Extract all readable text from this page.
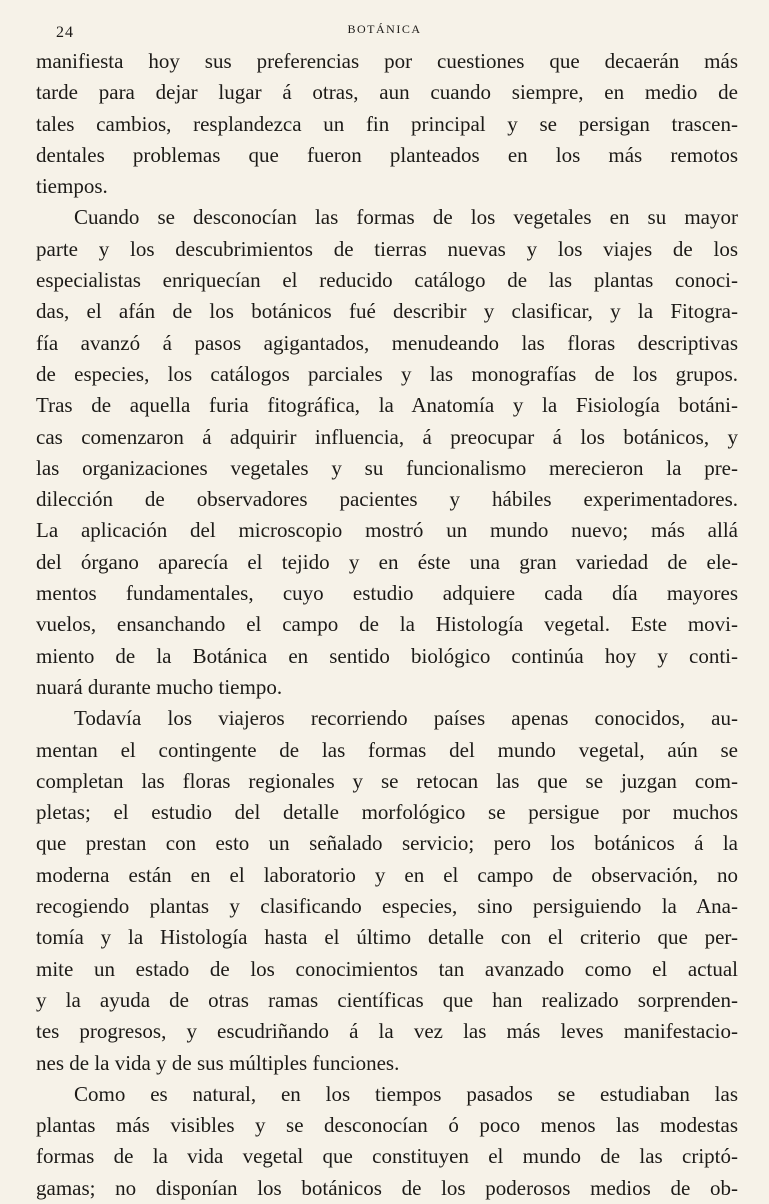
24	BOTÁNICA
manifiesta hoy sus preferencias por cuestiones que decaerán más
tarde para dejar lugar á otras, aun cuando siempre, en medio de
tales cambios, resplandezca un fin principal y se persigan trascen-
dentales problemas que fueron planteados en los más remotos
tiempos.
Cuando se desconocían las formas de los vegetales en su mayor
parte y los descubrimientos de tierras nuevas y los viajes de los
especialistas enriquecían el reducido catálogo de las plantas conoci-
das, el afán de los botánicos fué describir y clasificar, y la Fitogra-
fía avanzó á pasos agigantados, menudeando las floras descriptivas
de especies, los catálogos parciales y las monografías de los grupos.
Tras de aquella furia fitográfica, la Anatomía y la Fisiología botáni-
cas comenzaron á adquirir influencia, á preocupar á los botánicos, y
las organizaciones vegetales y su funcionalismo merecieron la pre-
dilección de observadores pacientes y hábiles experimentadores.
La aplicación del microscopio mostró un mundo nuevo; más allá
del órgano aparecía el tejido y en éste una gran variedad de ele-
mentos fundamentales, cuyo estudio adquiere cada día mayores
vuelos, ensanchando el campo de la Histología vegetal. Este movi-
miento de la Botánica en sentido biológico continúa hoy y conti-
nuará durante mucho tiempo.
Todavía los viajeros recorriendo países apenas conocidos, au-
mentan el contingente de las formas del mundo vegetal, aún se
completan las floras regionales y se retocan las que se juzgan com-
pletas; el estudio del detalle morfológico se persigue por muchos
que prestan con esto un señalado servicio; pero los botánicos á la
moderna están en el laboratorio y en el campo de observación, no
recogiendo plantas y clasificando especies, sino persiguiendo la Ana-
tomía y la Histología hasta el último detalle con el criterio que per-
mite un estado de los conocimientos tan avanzado como el actual
y la ayuda de otras ramas científicas que han realizado sorprenden-
tes progresos, y escudriñando á la vez las más leves manifestacio-
nes de la vida y de sus múltiples funciones.
Como es natural, en los tiempos pasados se estudiaban las
plantas más visibles y se desconocían ó poco menos las modestas
formas de la vida vegetal que constituyen el mundo de las criptó-
gamas; no disponían los botánicos de los poderosos medios de ob-
